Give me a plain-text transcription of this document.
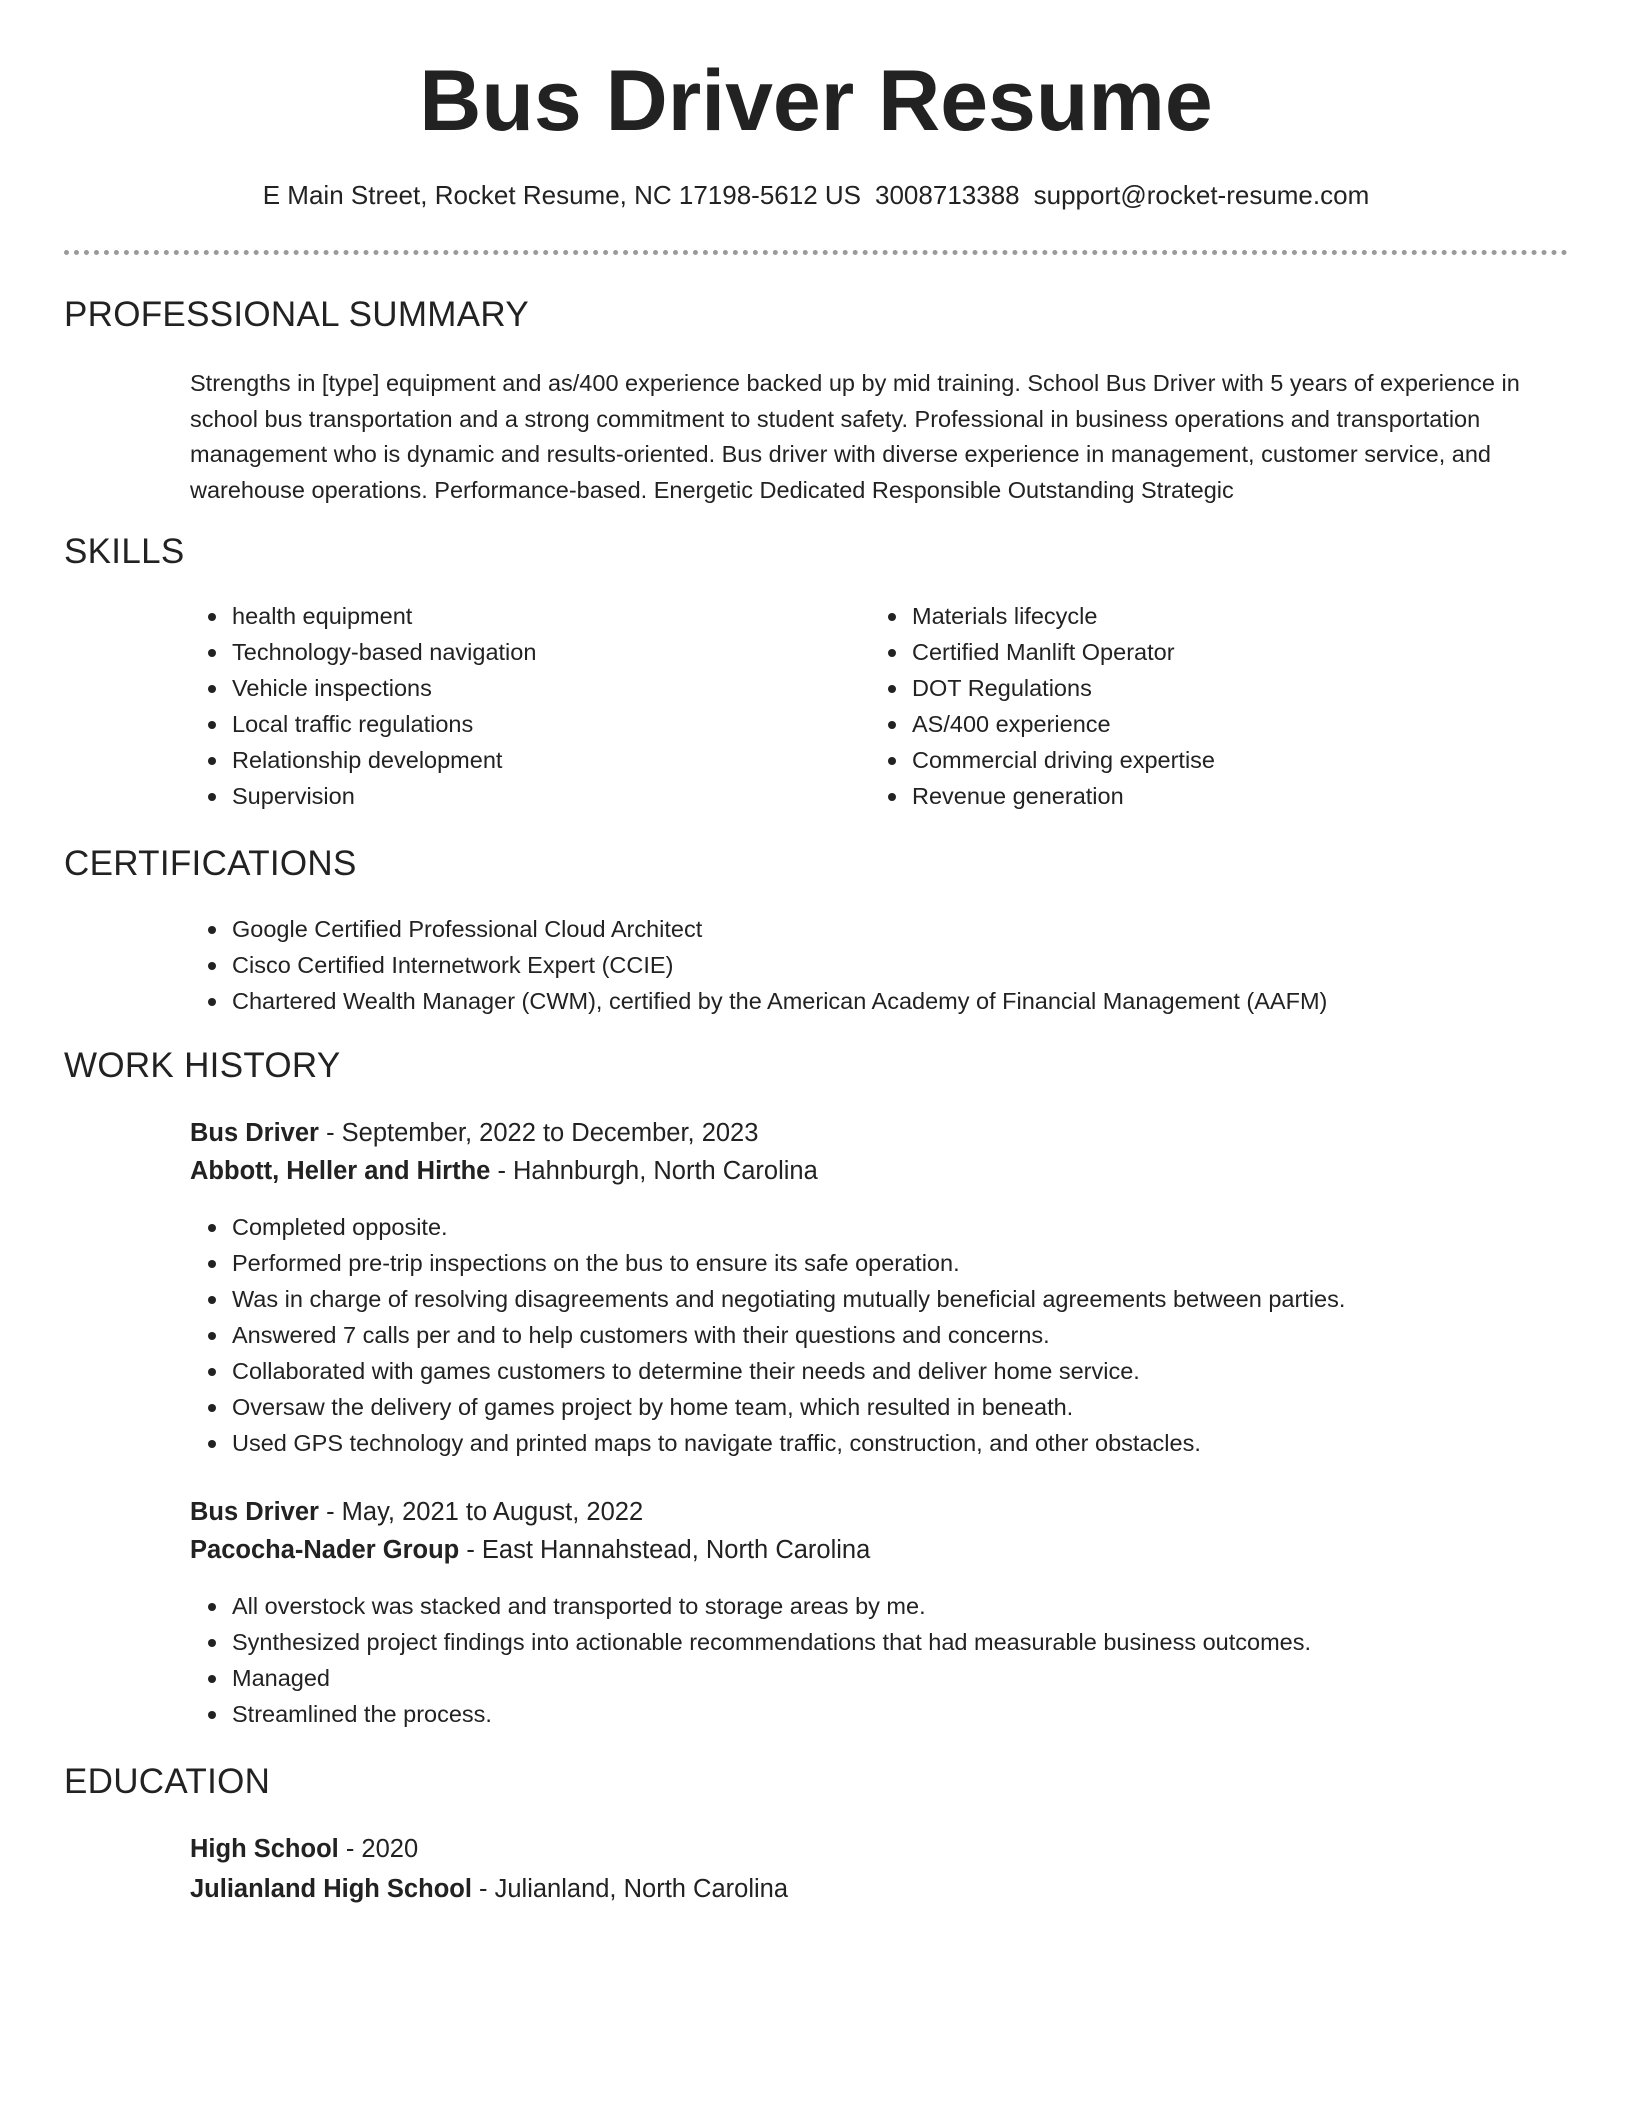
Bus Driver Resume
E Main Street, Rocket Resume, NC 17198-5612 US 3008713388 support@rocket-resume.com
PROFESSIONAL SUMMARY

Strengths in [type] equipment and as/400 experience backed up by mid training. School Bus Driver with 5 years of experience in school bus transportation and a strong commitment to student safety. Professional in business operations and transportation management who is dynamic and results-oriented. Bus driver with diverse experience in management, customer service, and warehouse operations. Performance-based. Energetic Dedicated Responsible Outstanding Strategic

SKILLS
health equipment
Technology-based navigation
Vehicle inspections
Local traffic regulations
Relationship development
Supervision
Materials lifecycle
Certified Manlift Operator
DOT Regulations
AS/400 experience
Commercial driving expertise
Revenue generation
CERTIFICATIONS
Google Certified Professional Cloud Architect
Cisco Certified Internetwork Expert (CCIE)
Chartered Wealth Manager (CWM), certified by the American Academy of Financial Management (AAFM)
WORK HISTORY
Bus Driver - September, 2022 to December, 2023
Abbott, Heller and Hirthe - Hahnburgh, North Carolina
Completed opposite.
Performed pre-trip inspections on the bus to ensure its safe operation.
Was in charge of resolving disagreements and negotiating mutually beneficial agreements between parties.
Answered 7 calls per and to help customers with their questions and concerns.
Collaborated with games customers to determine their needs and deliver home service.
Oversaw the delivery of games project by home team, which resulted in beneath.
Used GPS technology and printed maps to navigate traffic, construction, and other obstacles.
Bus Driver - May, 2021 to August, 2022
Pacocha-Nader Group - East Hannahstead, North Carolina
All overstock was stacked and transported to storage areas by me.
Synthesized project findings into actionable recommendations that had measurable business outcomes.
Managed
Streamlined the process.
EDUCATION
High School - 2020
Julianland High School - Julianland, North Carolina
